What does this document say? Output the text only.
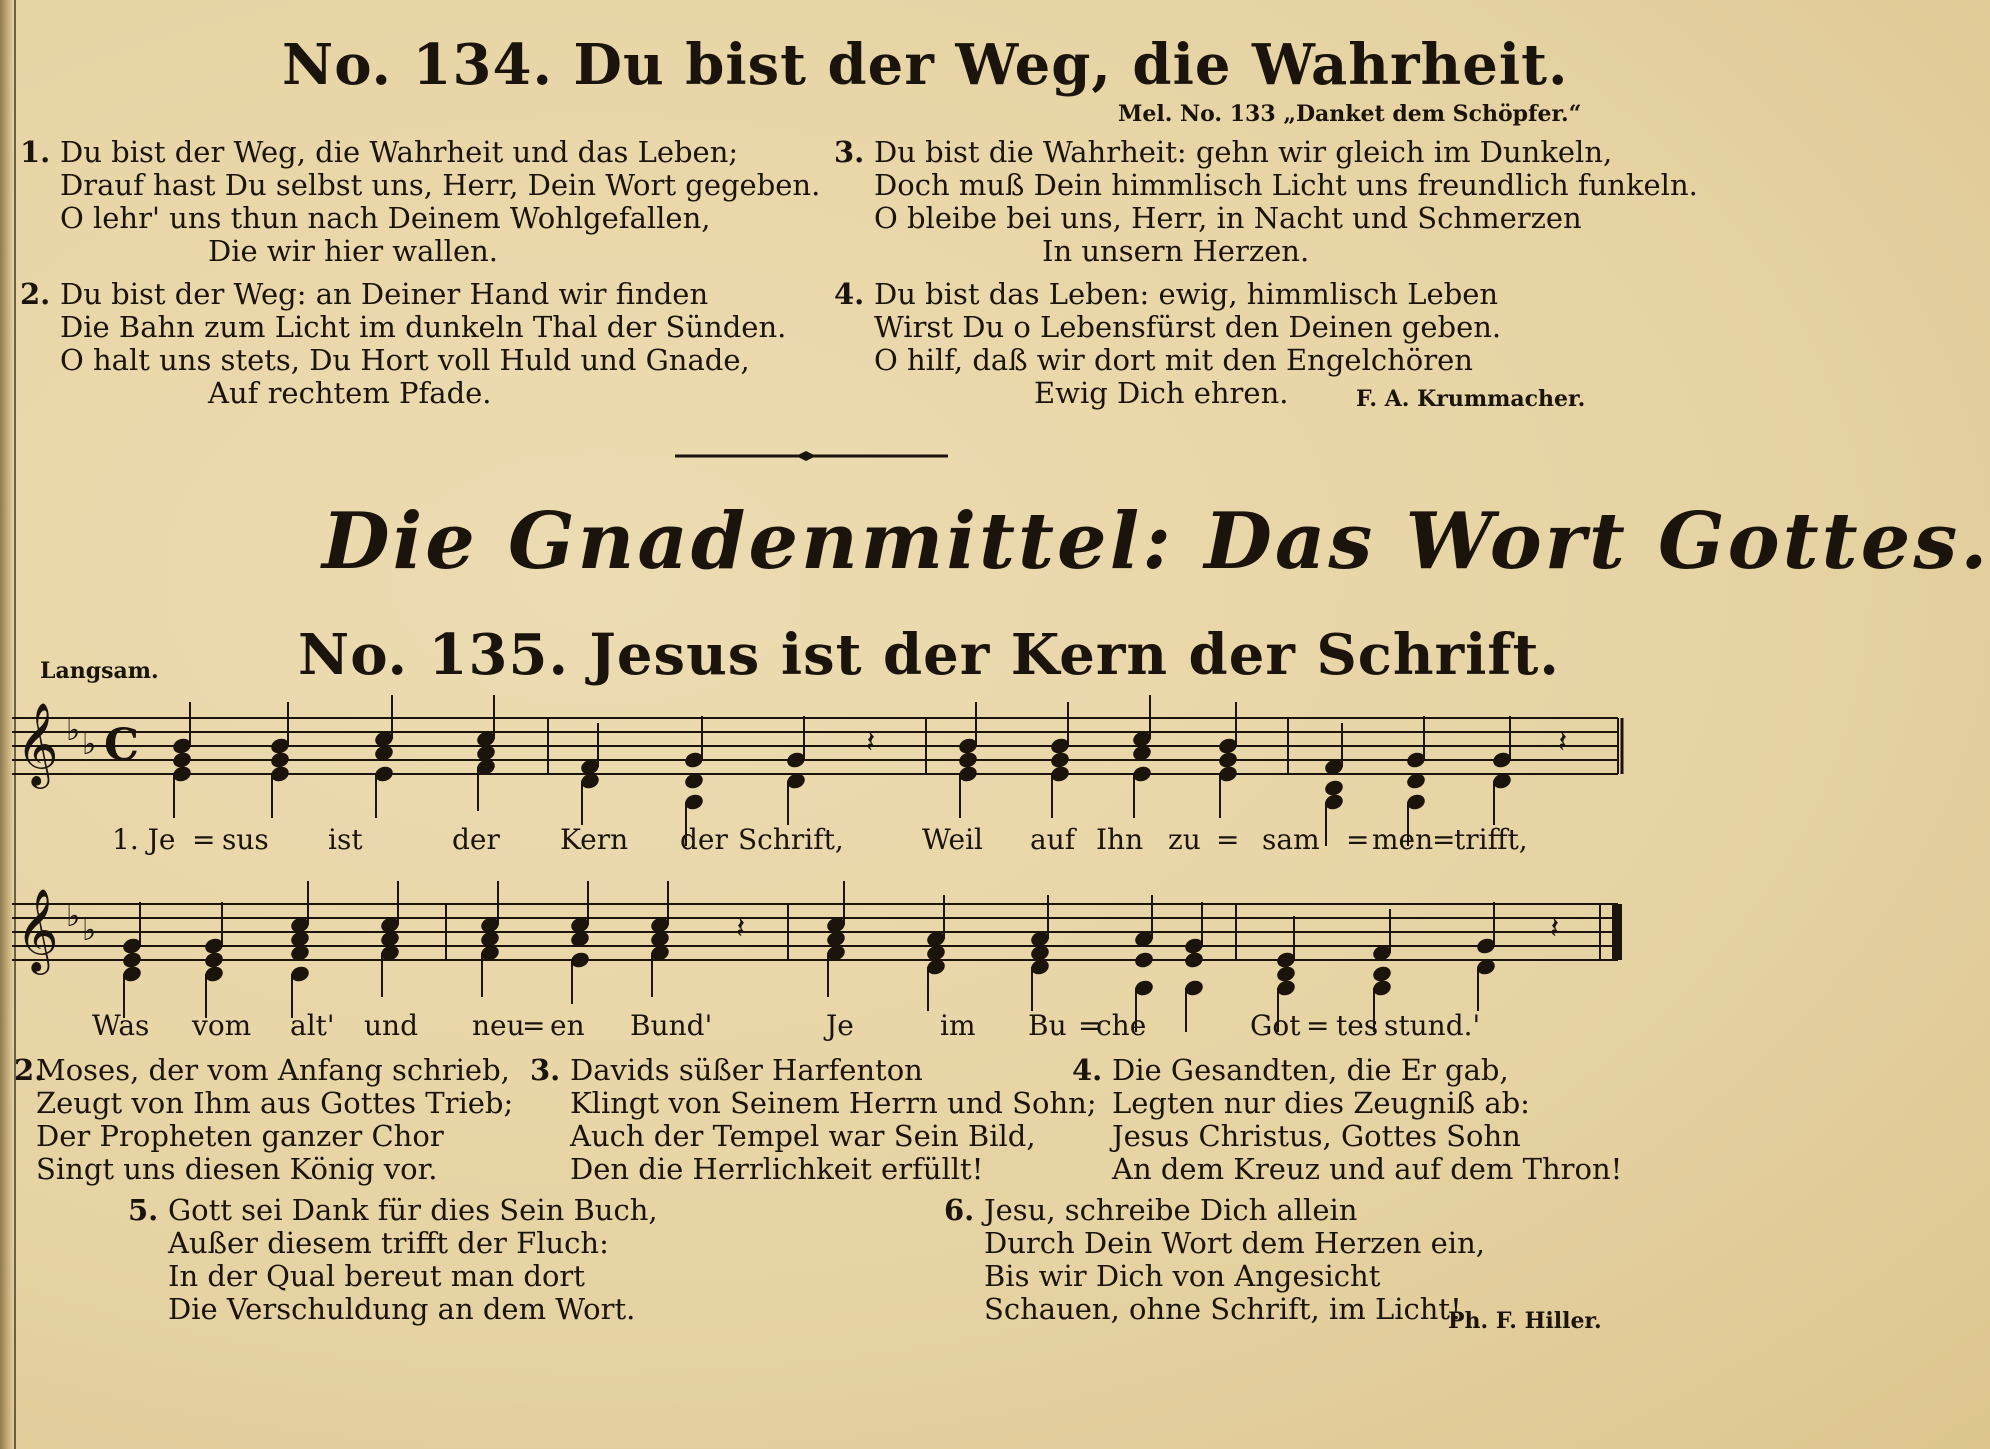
No. 134. Du bist der Weg, die Wahrheit.
Mel. No. 133 „Danket dem Schöpfer.“
1. Du bist der Weg, die Wahrheit und das Leben;
Drauf hast Du selbst uns, Herr, Dein Wort gegeben.
O lehr' uns thun nach Deinem Wohlgefallen,
Die wir hier wallen.
2. Du bist der Weg: an Deiner Hand wir finden
Die Bahn zum Licht im dunkeln Thal der Sünden.
O halt uns stets, Du Hort voll Huld und Gnade,
Auf rechtem Pfade.
3. Du bist die Wahrheit: gehn wir gleich im Dunkeln,
Doch muß Dein himmlisch Licht uns freundlich funkeln.
O bleibe bei uns, Herr, in Nacht und Schmerzen
In unsern Herzen.
4. Du bist das Leben: ewig, himmlisch Leben
Wirst Du o Lebensfürst den Deinen geben.
O hilf, daß wir dort mit den Engelchören
Ewig Dich ehren.	F. A. Krummacher.
𝄞 ♭ ♭
𝄞 ♭ ♭
C	𝄽	𝄽
𝄽	𝄽
Die Gnadenmittel: Das Wort Gottes.
No. 135. Jesus ist der Kern der Schrift.
Langsam.
1. Je = sus ist	der Kern der Schrift,	Weil auf Ihn zu = sam = men
=
trifft,
Was vom alt' und neu
= en Bund'	Je	im Bu =
che	Got = tes stund.'
2.Moses, der vom Anfang schrieb,
Zeugt von Ihm aus Gottes Trieb;
Der Propheten ganzer Chor
Singt uns diesen König vor.
3. Davids süßer Harfenton
Klingt von Seinem Herrn und Sohn;
Auch der Tempel war Sein Bild,
Den die Herrlichkeit erfüllt!
4. Die Gesandten, die Er gab,
Legten nur dies Zeugniß ab:
Jesus Christus, Gottes Sohn
An dem Kreuz und auf dem Thron!
5. Gott sei Dank für dies Sein Buch,
Außer diesem trifft der Fluch:
In der Qual bereut man dort
Die Verschuldung an dem Wort.
6. Jesu, schreibe Dich allein
Durch Dein Wort dem Herzen ein,
Bis wir Dich von Angesicht
Schauen, ohne Schrift, im Licht!
Ph. F. Hiller.
